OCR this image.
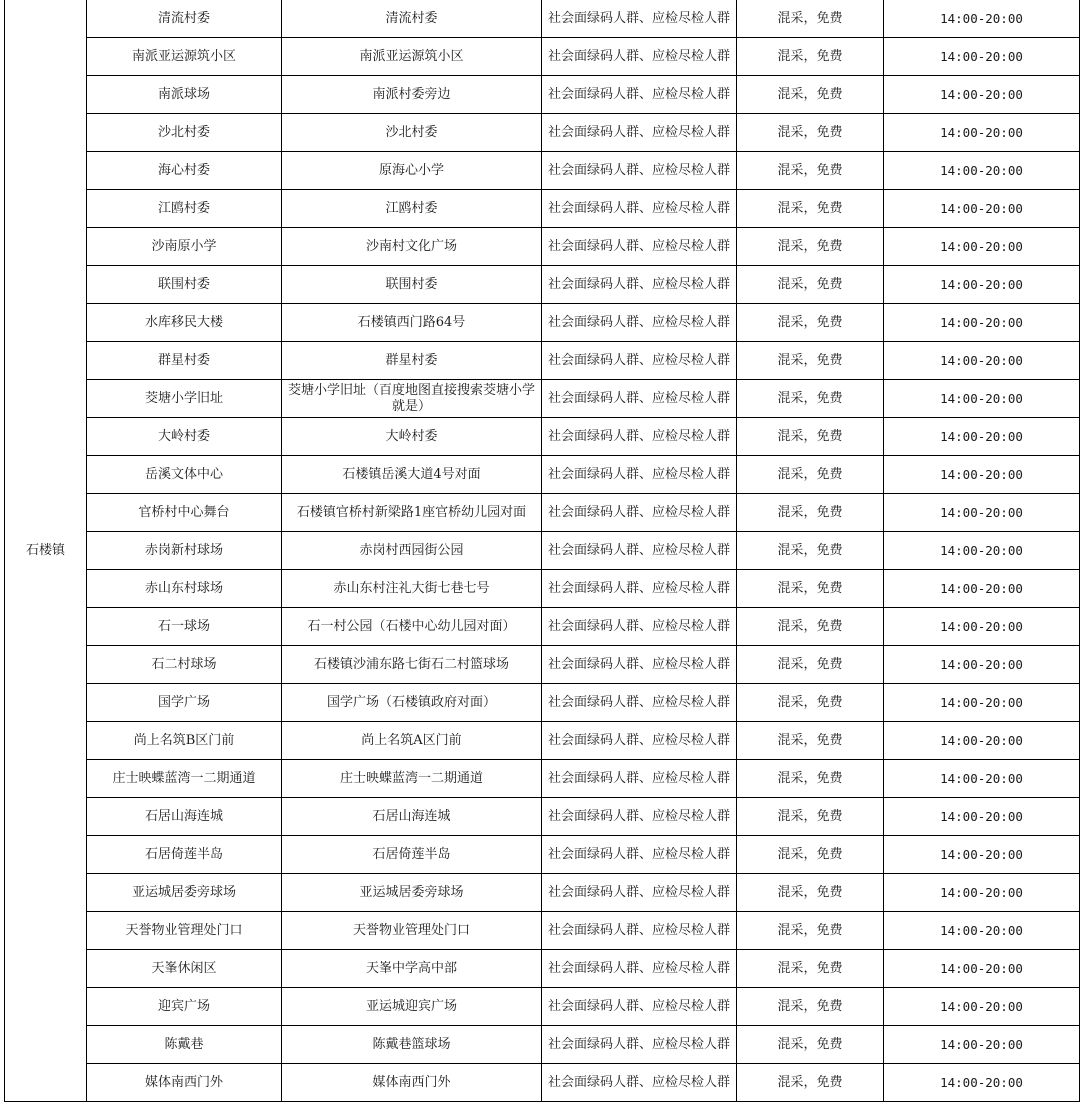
石楼镇	清流村委	清流村委	社会面绿码人群、应检尽检人群	混采，免费	14:00-20:00
	南派亚运源筑小区	南派亚运源筑小区	社会面绿码人群、应检尽检人群	混采，免费	14:00-20:00
	南派球场	南派村委旁边	社会面绿码人群、应检尽检人群	混采，免费	14:00-20:00
	沙北村委	沙北村委	社会面绿码人群、应检尽检人群	混采，免费	14:00-20:00
	海心村委	原海心小学	社会面绿码人群、应检尽检人群	混采，免费	14:00-20:00
	江鸥村委	江鸥村委	社会面绿码人群、应检尽检人群	混采，免费	14:00-20:00
	沙南原小学	沙南村文化广场	社会面绿码人群、应检尽检人群	混采，免费	14:00-20:00
	联围村委	联围村委	社会面绿码人群、应检尽检人群	混采，免费	14:00-20:00
	水库移民大楼	石楼镇西门路64号	社会面绿码人群、应检尽检人群	混采，免费	14:00-20:00
	群星村委	群星村委	社会面绿码人群、应检尽检人群	混采，免费	14:00-20:00
	茭塘小学旧址	茭塘小学旧址（百度地图直接搜索茭塘小学就是）	社会面绿码人群、应检尽检人群	混采，免费	14:00-20:00
	大岭村委	大岭村委	社会面绿码人群、应检尽检人群	混采，免费	14:00-20:00
	岳溪文体中心	石楼镇岳溪大道4号对面	社会面绿码人群、应检尽检人群	混采，免费	14:00-20:00
	官桥村中心舞台	石楼镇官桥村新梁路1座官桥幼儿园对面	社会面绿码人群、应检尽检人群	混采，免费	14:00-20:00
	赤岗新村球场	赤岗村西园街公园	社会面绿码人群、应检尽检人群	混采，免费	14:00-20:00
	赤山东村球场	赤山东村注礼大街七巷七号	社会面绿码人群、应检尽检人群	混采，免费	14:00-20:00
	石一球场	石一村公园（石楼中心幼儿园对面）	社会面绿码人群、应检尽检人群	混采，免费	14:00-20:00
	石二村球场	石楼镇沙浦东路七街石二村篮球场	社会面绿码人群、应检尽检人群	混采，免费	14:00-20:00
	国学广场	国学广场（石楼镇政府对面）	社会面绿码人群、应检尽检人群	混采，免费	14:00-20:00
	尚上名筑B区门前	尚上名筑A区门前	社会面绿码人群、应检尽检人群	混采，免费	14:00-20:00
	庄士映蝶蓝湾一二期通道	庄士映蝶蓝湾一二期通道	社会面绿码人群、应检尽检人群	混采，免费	14:00-20:00
	石居山海连城	石居山海连城	社会面绿码人群、应检尽检人群	混采，免费	14:00-20:00
	石居倚莲半岛	石居倚莲半岛	社会面绿码人群、应检尽检人群	混采，免费	14:00-20:00
	亚运城居委旁球场	亚运城居委旁球场	社会面绿码人群、应检尽检人群	混采，免费	14:00-20:00
	天誉物业管理处门口	天誉物业管理处门口	社会面绿码人群、应检尽检人群	混采，免费	14:00-20:00
	天峯休闲区	天峯中学高中部	社会面绿码人群、应检尽检人群	混采，免费	14:00-20:00
	迎宾广场	亚运城迎宾广场	社会面绿码人群、应检尽检人群	混采，免费	14:00-20:00
	陈戴巷	陈戴巷篮球场	社会面绿码人群、应检尽检人群	混采，免费	14:00-20:00
	媒体南西门外	媒体南西门外	社会面绿码人群、应检尽检人群	混采，免费	14:00-20:00
